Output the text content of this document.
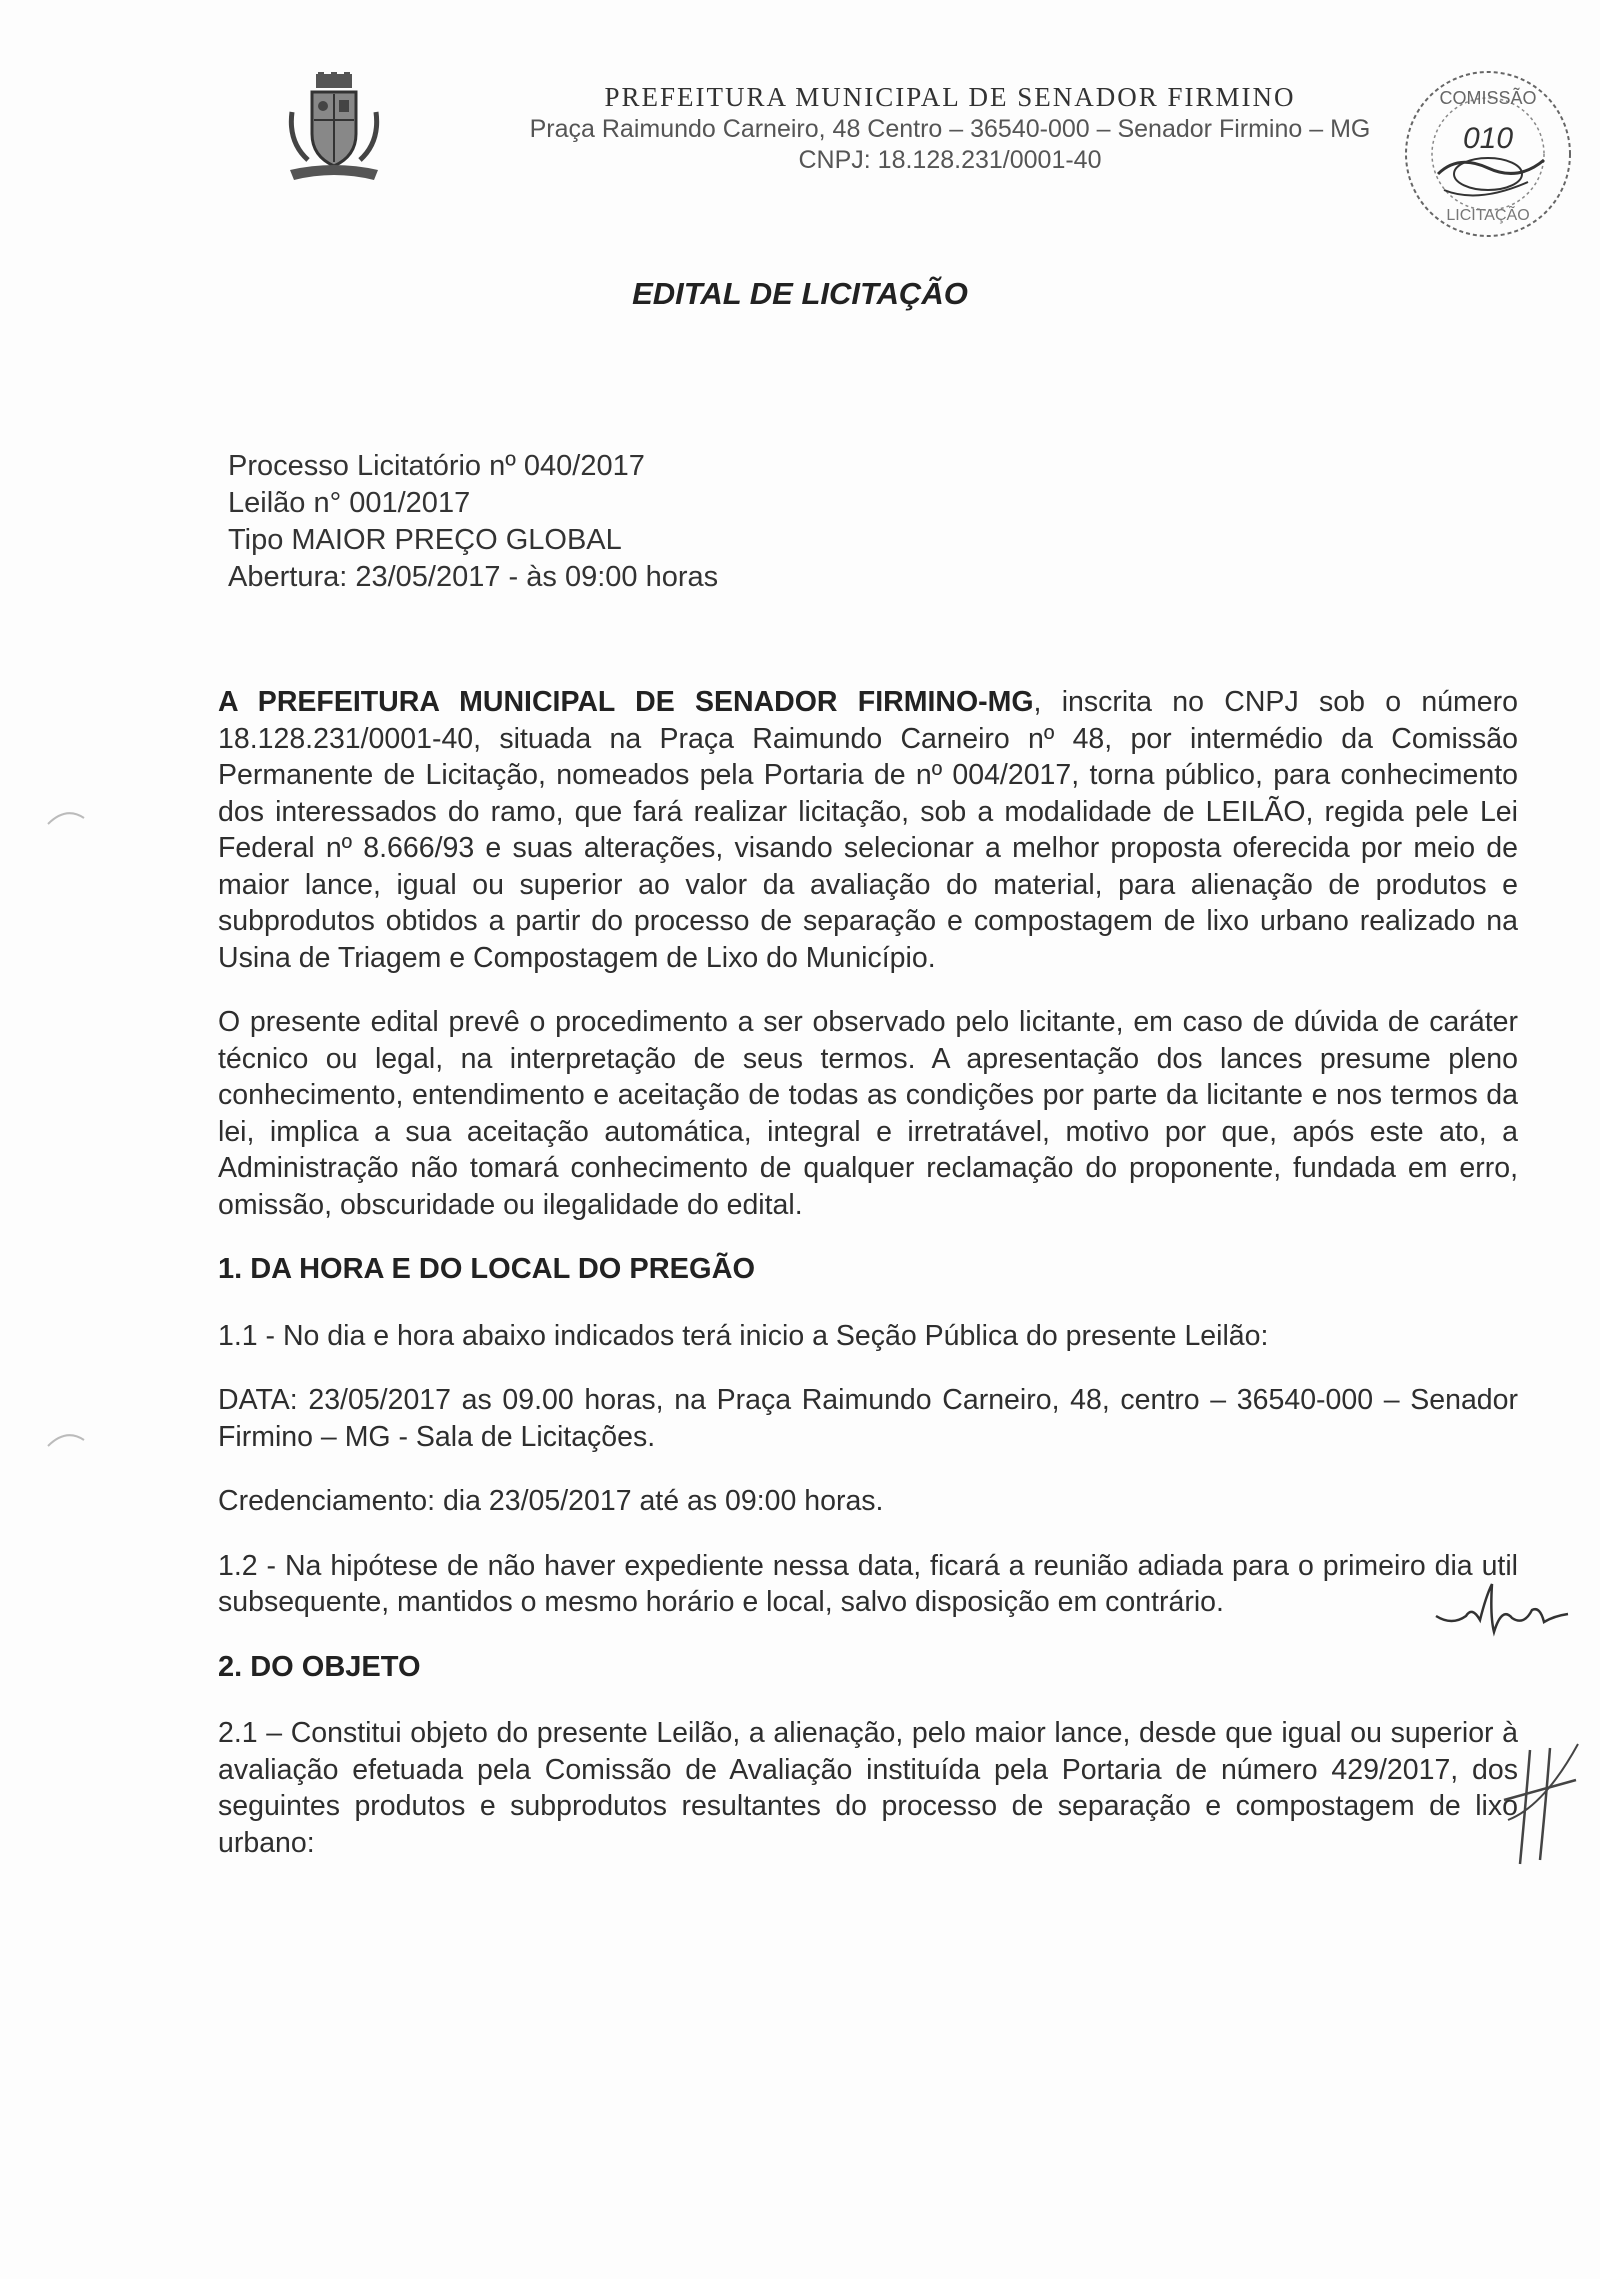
PREFEITURA MUNICIPAL DE SENADOR FIRMINO
Praça Raimundo Carneiro, 48 Centro – 36540-000 – Senador Firmino – MG
CNPJ: 18.128.231/0001-40
COMISSÃO
010
LICITAÇÃO
EDITAL DE LICITAÇÃO
Processo Licitatório nº 040/2017
Leilão n° 001/2017
Tipo MAIOR PREÇO GLOBAL
Abertura: 23/05/2017 - às 09:00 horas

A PREFEITURA MUNICIPAL DE SENADOR FIRMINO-MG, inscrita no CNPJ sob o número 18.128.231/0001-40, situada na Praça Raimundo Carneiro nº 48, por intermédio da Comissão Permanente de Licitação, nomeados pela Portaria de nº 004/2017, torna público, para conhecimento dos interessados do ramo, que fará realizar licitação, sob a modalidade de LEILÃO, regida pele Lei Federal nº 8.666/93 e suas alterações, visando selecionar a melhor proposta oferecida por meio de maior lance, igual ou superior ao valor da avaliação do material, para alienação de produtos e subprodutos obtidos a partir do processo de separação e compostagem de lixo urbano realizado na Usina de Triagem e Compostagem de Lixo do Município.

O presente edital prevê o procedimento a ser observado pelo licitante, em caso de dúvida de caráter técnico ou legal, na interpretação de seus termos. A apresentação dos lances presume pleno conhecimento, entendimento e aceitação de todas as condições por parte da licitante e nos termos da lei, implica a sua aceitação automática, integral e irretratável, motivo por que, após este ato, a Administração não tomará conhecimento de qualquer reclamação do proponente, fundada em erro, omissão, obscuridade ou ilegalidade do edital.

1. DA HORA E DO LOCAL DO PREGÃO

1.1 - No dia e hora abaixo indicados terá inicio a Seção Pública do presente Leilão:

DATA: 23/05/2017 as 09.00 horas, na Praça Raimundo Carneiro, 48, centro – 36540-000 – Senador Firmino – MG - Sala de Licitações.

Credenciamento: dia 23/05/2017 até as 09:00 horas.

1.2 - Na hipótese de não haver expediente nessa data, ficará a reunião adiada para o primeiro dia util subsequente, mantidos o mesmo horário e local, salvo disposição em contrário.

2. DO OBJETO

2.1 – Constitui objeto do presente Leilão, a alienação, pelo maior lance, desde que igual ou superior à avaliação efetuada pela Comissão de Avaliação instituída pela Portaria de número 429/2017, dos seguintes produtos e subprodutos resultantes do processo de separação e compostagem de lixo urbano:
